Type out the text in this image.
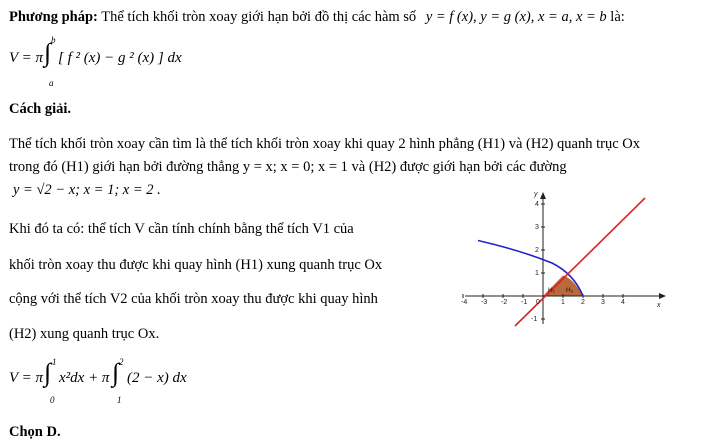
Phương pháp: Thể tích khối tròn xoay giới hạn bởi đồ thị các hàm số y = f (x), y = g (x), x = a, x = b là:
V = π ∫ b
a
[ f ² (x) − g ² (x) ] dx
Cách giải.
Thể tích khối tròn xoay cần tìm là thể tích khối tròn xoay khi quay 2 hình phẳng (H1) và (H2) quanh trục Ox
trong đó (H1) giới hạn bởi đường thẳng y = x; x = 0; x = 1 và (H2) được giới hạn bởi các đường
y = √2 − x; x = 1; x = 2 .
Khi đó ta có: thể tích V cần tính chính bằng thể tích V1 của
khối tròn xoay thu được khi quay hình (H1) xung quanh trục Ox
cộng với thể tích V2 của khối tròn xoay thu được khi quay hình
(H2) xung quanh trục Ox.
V = π ∫ 1
0
x²dx + π ∫ 2
1
(2 − x) dx
Chọn D.
y
x
0
-4 -3 -2 -1	1 2 3 4
4
3
2
1
-1
H₁ H₂
